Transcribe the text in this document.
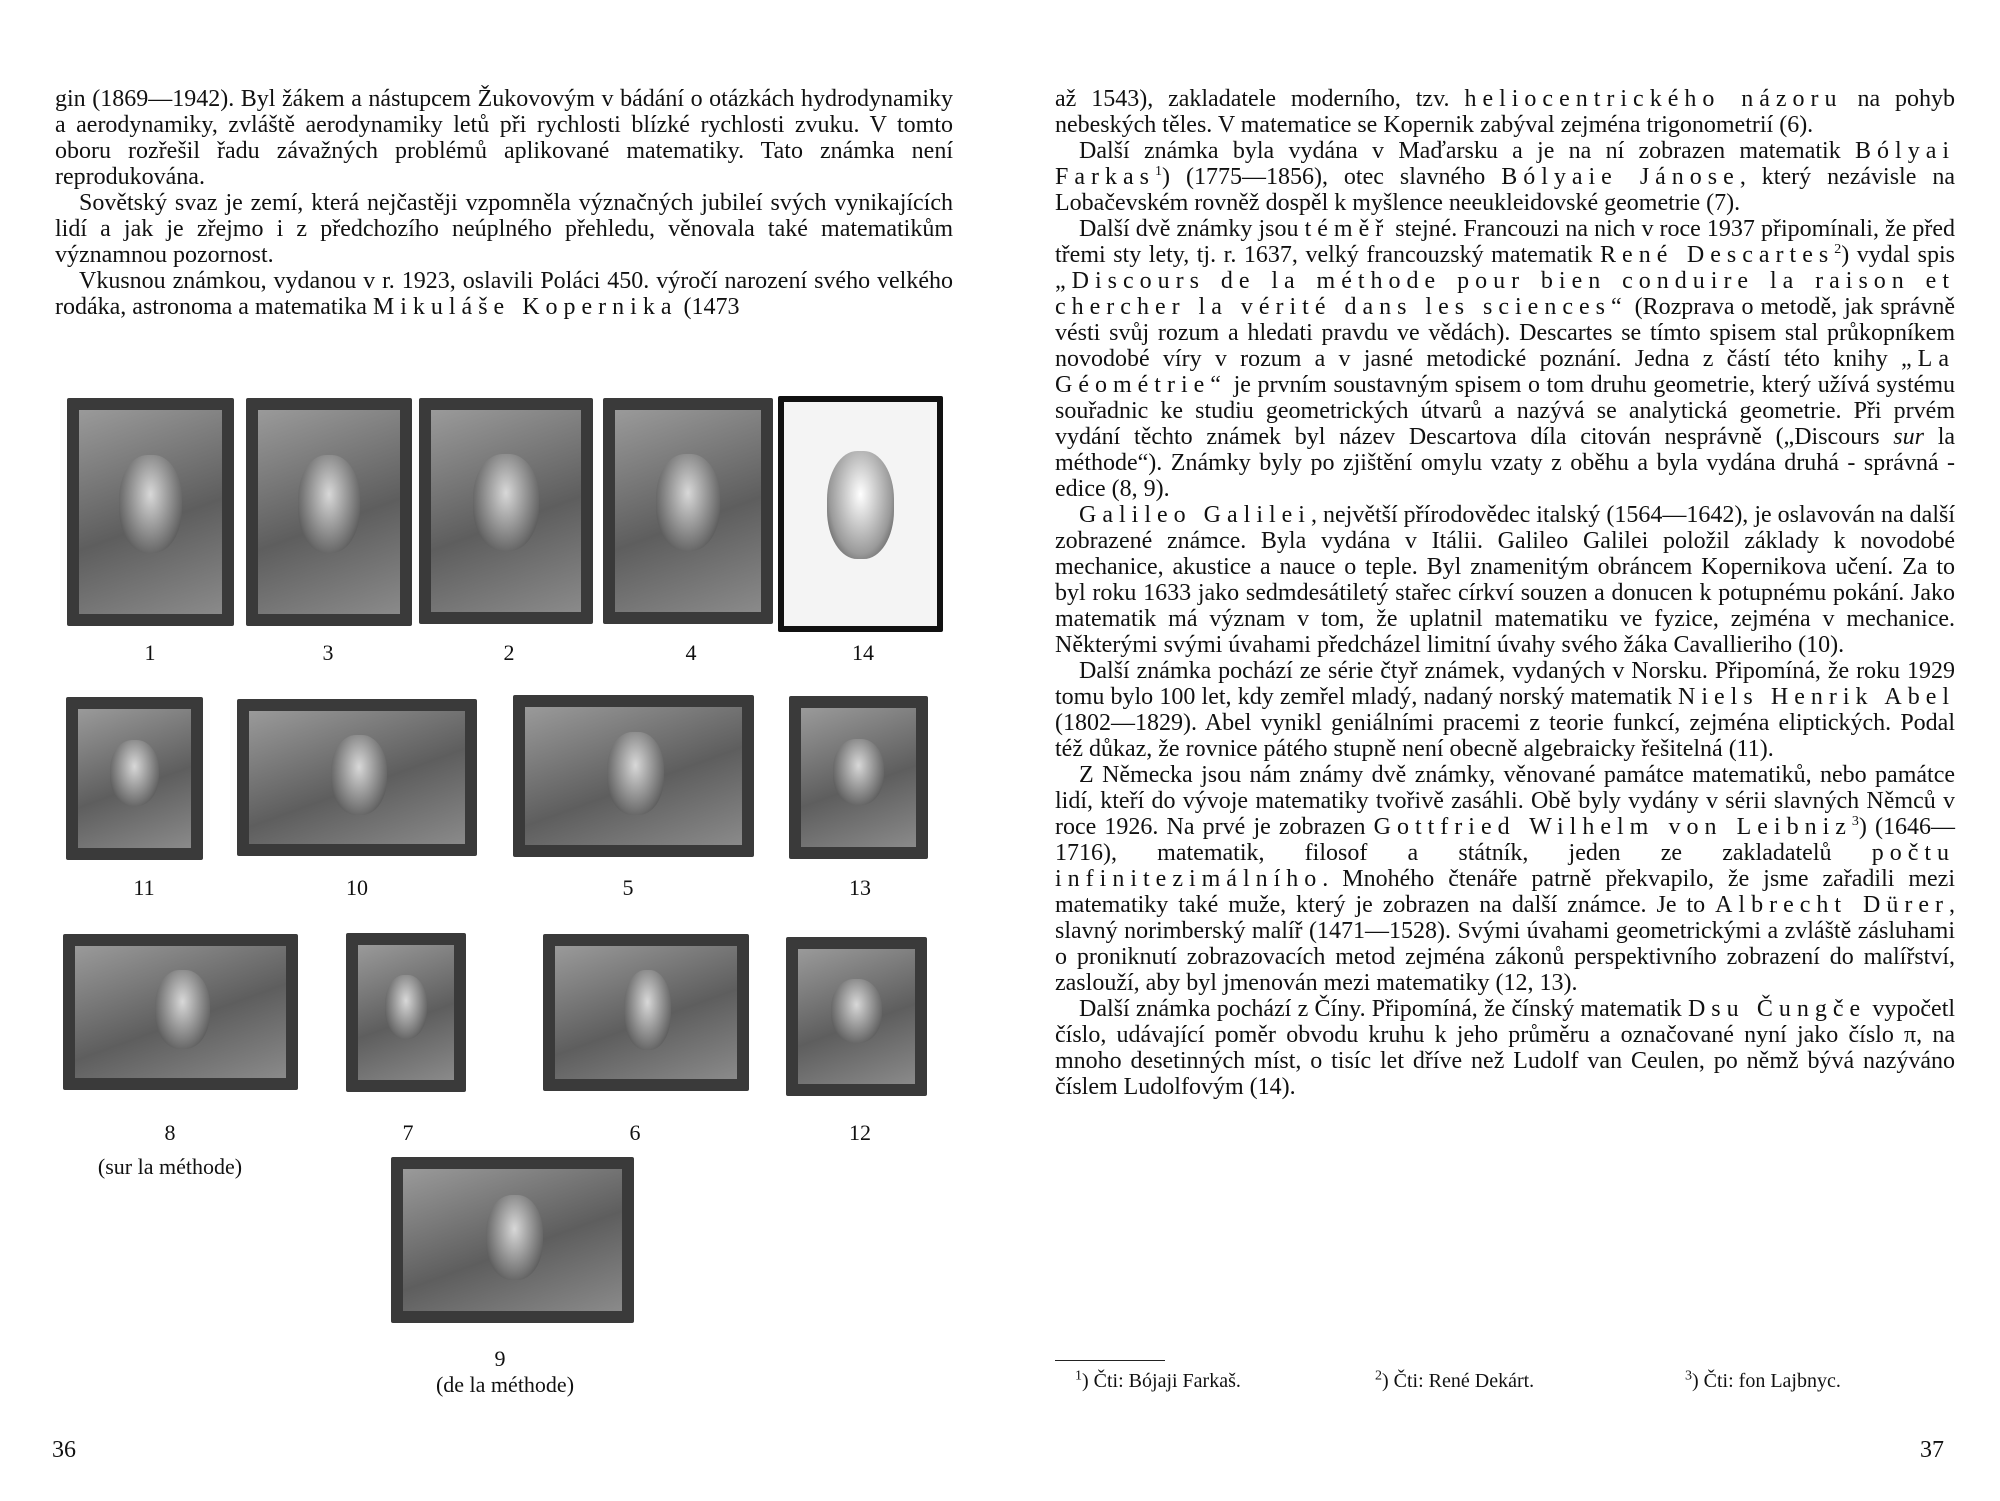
gin (1869—1942). Byl žákem a nástupcem Žukovovým v bádání o otázkách hydrodynamiky a aerodynamiky, zvláště aerodynamiky letů při rychlosti blízké rychlosti zvuku. V tomto oboru rozřešil řadu závažných problémů aplikované matematiky. Tato známka není reprodukována.

Sovětský svaz je zemí, která nejčastěji vzpomněla význačných jubileí svých vynikajících lidí a jak je zřejmo i z předchozího neúplného přehledu, věnovala také matematikům významnou pozornost.

Vkusnou známkou, vydanou v r. 1923, oslavili Poláci 450. výročí narození svého velkého rodáka, astronoma a matematika Mikuláše Kopernika (1473

1	3	2	4	14
11	10	5	13
8
(sur la méthode)
7	6	12
9
(de la méthode)
36

až 1543), zakladatele moderního, tzv. heliocentrického názoru na pohyb nebeských těles. V matematice se Kopernik zabýval zejména trigonometrií (6).

Další známka byla vydána v Maďarsku a je na ní zobrazen matematik Bólyai Farkas$^1$) (1775—1856), otec slavného Bólyaie Jánose, který nezávisle na Lobačevském rovněž dospěl k myšlence neeukleidovské geometrie (7).

Další dvě známky jsou téměř stejné. Francouzi na nich v roce 1937 připomínali, že před třemi sty lety, tj. r. 1637, velký francouzský matematik René Descartes$^2$) vydal spis „Discours de la méthode pour bien conduire la raison et chercher la vérité dans les sciences“ (Rozprava o metodě, jak správně vésti svůj rozum a hledati pravdu ve vědách). Descartes se tímto spisem stal průkopníkem novodobé víry v rozum a v jasné metodické poznání. Jedna z částí této knihy „La Géométrie“ je prvním soustavným spisem o tom druhu geometrie, který užívá systému souřadnic ke studiu geometrických útvarů a nazývá se analytická geometrie. Při prvém vydání těchto známek byl název Descartova díla citován nesprávně („Discours sur la méthode“). Známky byly po zjištění omylu vzaty z oběhu a byla vydána druhá - správná - edice (8, 9).

Galileo Galilei, největší přírodovědec italský (1564—1642), je oslavován na další zobrazené známce. Byla vydána v Itálii. Galileo Galilei položil základy k novodobé mechanice, akustice a nauce o teple. Byl znamenitým obráncem Kopernikova učení. Za to byl roku 1633 jako sedmdesátiletý stařec církví souzen a donucen k potupnému pokání. Jako matematik má význam v tom, že uplatnil matematiku ve fyzice, zejména v mechanice. Některými svými úvahami předcházel limitní úvahy svého žáka Cavallieriho (10).

Další známka pochází ze série čtyř známek, vydaných v Norsku. Připomíná, že roku 1929 tomu bylo 100 let, kdy zemřel mladý, nadaný norský matematik Niels Henrik Abel (1802—1829). Abel vynikl geniálními pracemi z teorie funkcí, zejména eliptických. Podal též důkaz, že rovnice pátého stupně není obecně algebraicky řešitelná (11).

Z Německa jsou nám známy dvě známky, věnované památce matematiků, nebo památce lidí, kteří do vývoje matematiky tvořivě zasáhli. Obě byly vydány v sérii slavných Němců v roce 1926. Na prvé je zobrazen Gottfried Wilhelm von Leibniz$^3$) (1646—1716), matematik, filosof a státník, jeden ze zakladatelů počtu infinitezimálního. Mnohého čtenáře patrně překvapilo, že jsme zařadili mezi matematiky také muže, který je zobrazen na další známce. Je to Albrecht Dürer, slavný norimberský malíř (1471—1528). Svými úvahami geometrickými a zvláště zásluhami o proniknutí zobrazovacích metod zejména zákonů perspektivního zobrazení do malířství, zaslouží, aby byl jmenován mezi matematiky (12, 13).

Další známka pochází z Číny. Připomíná, že čínský matematik Dsu Čungče vypočetl číslo, udávající poměr obvodu kruhu k jeho průměru a označované nyní jako číslo π, na mnoho desetinných míst, o tisíc let dříve než Ludolf van Ceulen, po němž bývá nazýváno číslem Ludolfovým (14).

$^1$) Čti: Bójaji Farkaš.	$^2$) Čti: René Dekárt.	$^3$) Čti: fon Lajbnyc.
37
